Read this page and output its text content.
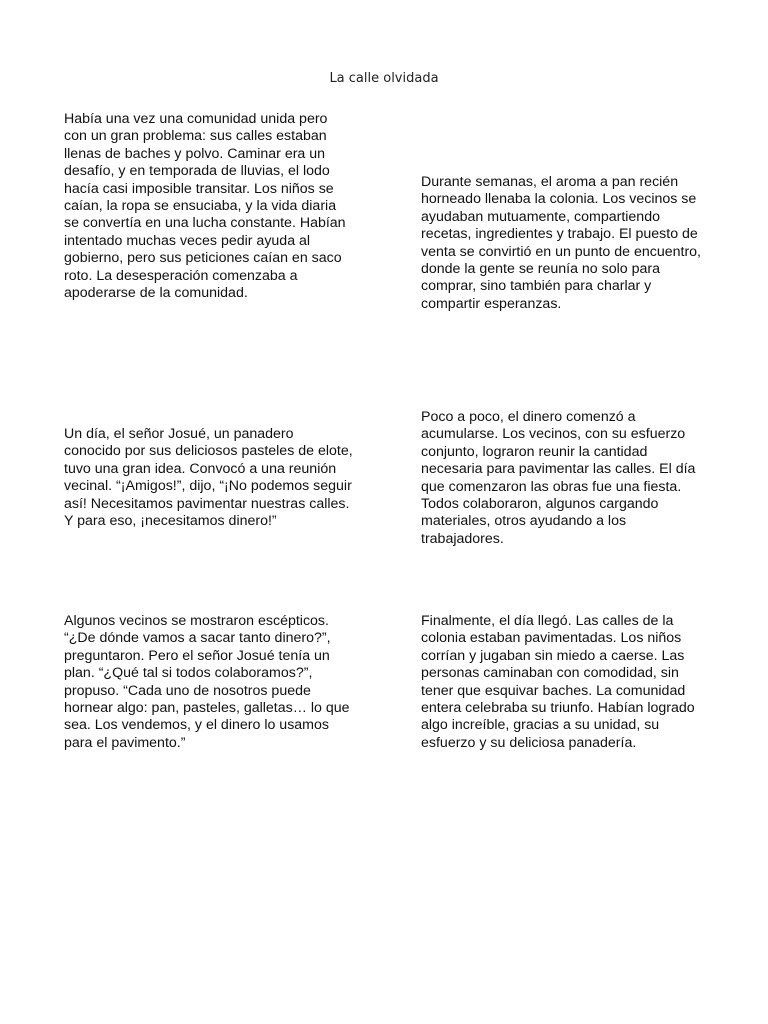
La calle olvidada

Había una vez una comunidad unida pero con un gran problema: sus calles estaban llenas de baches y polvo. Caminar era un desafío, y en temporada de lluvias, el lodo hacía casi imposible transitar. Los niños se caían, la ropa se ensuciaba, y la vida diaria se convertía en una lucha constante. Habían intentado muchas veces pedir ayuda al gobierno, pero sus peticiones caían en saco roto. La desesperación comenzaba a apoderarse de la comunidad.

Durante semanas, el aroma a pan recién horneado llenaba la colonia. Los vecinos se ayudaban mutuamente, compartiendo recetas, ingredientes y trabajo. El puesto de venta se convirtió en un punto de encuentro, donde la gente se reunía no solo para comprar, sino también para charlar y compartir esperanzas.

Un día, el señor Josué, un panadero conocido por sus deliciosos pasteles de elote, tuvo una gran idea. Convocó a una reunión vecinal. “¡Amigos!”, dijo, “¡No podemos seguir así! Necesitamos pavimentar nuestras calles. Y para eso, ¡necesitamos dinero!”

Poco a poco, el dinero comenzó a acumularse. Los vecinos, con su esfuerzo conjunto, lograron reunir la cantidad necesaria para pavimentar las calles. El día que comenzaron las obras fue una fiesta. Todos colaboraron, algunos cargando materiales, otros ayudando a los trabajadores.

Algunos vecinos se mostraron escépticos. “¿De dónde vamos a sacar tanto dinero?”, preguntaron. Pero el señor Josué tenía un plan. “¿Qué tal si todos colaboramos?”, propuso. “Cada uno de nosotros puede hornear algo: pan, pasteles, galletas… lo que sea. Los vendemos, y el dinero lo usamos para el pavimento.”

Finalmente, el día llegó. Las calles de la colonia estaban pavimentadas. Los niños corrían y jugaban sin miedo a caerse. Las personas caminaban con comodidad, sin tener que esquivar baches. La comunidad entera celebraba su triunfo. Habían logrado algo increíble, gracias a su unidad, su esfuerzo y su deliciosa panadería.
